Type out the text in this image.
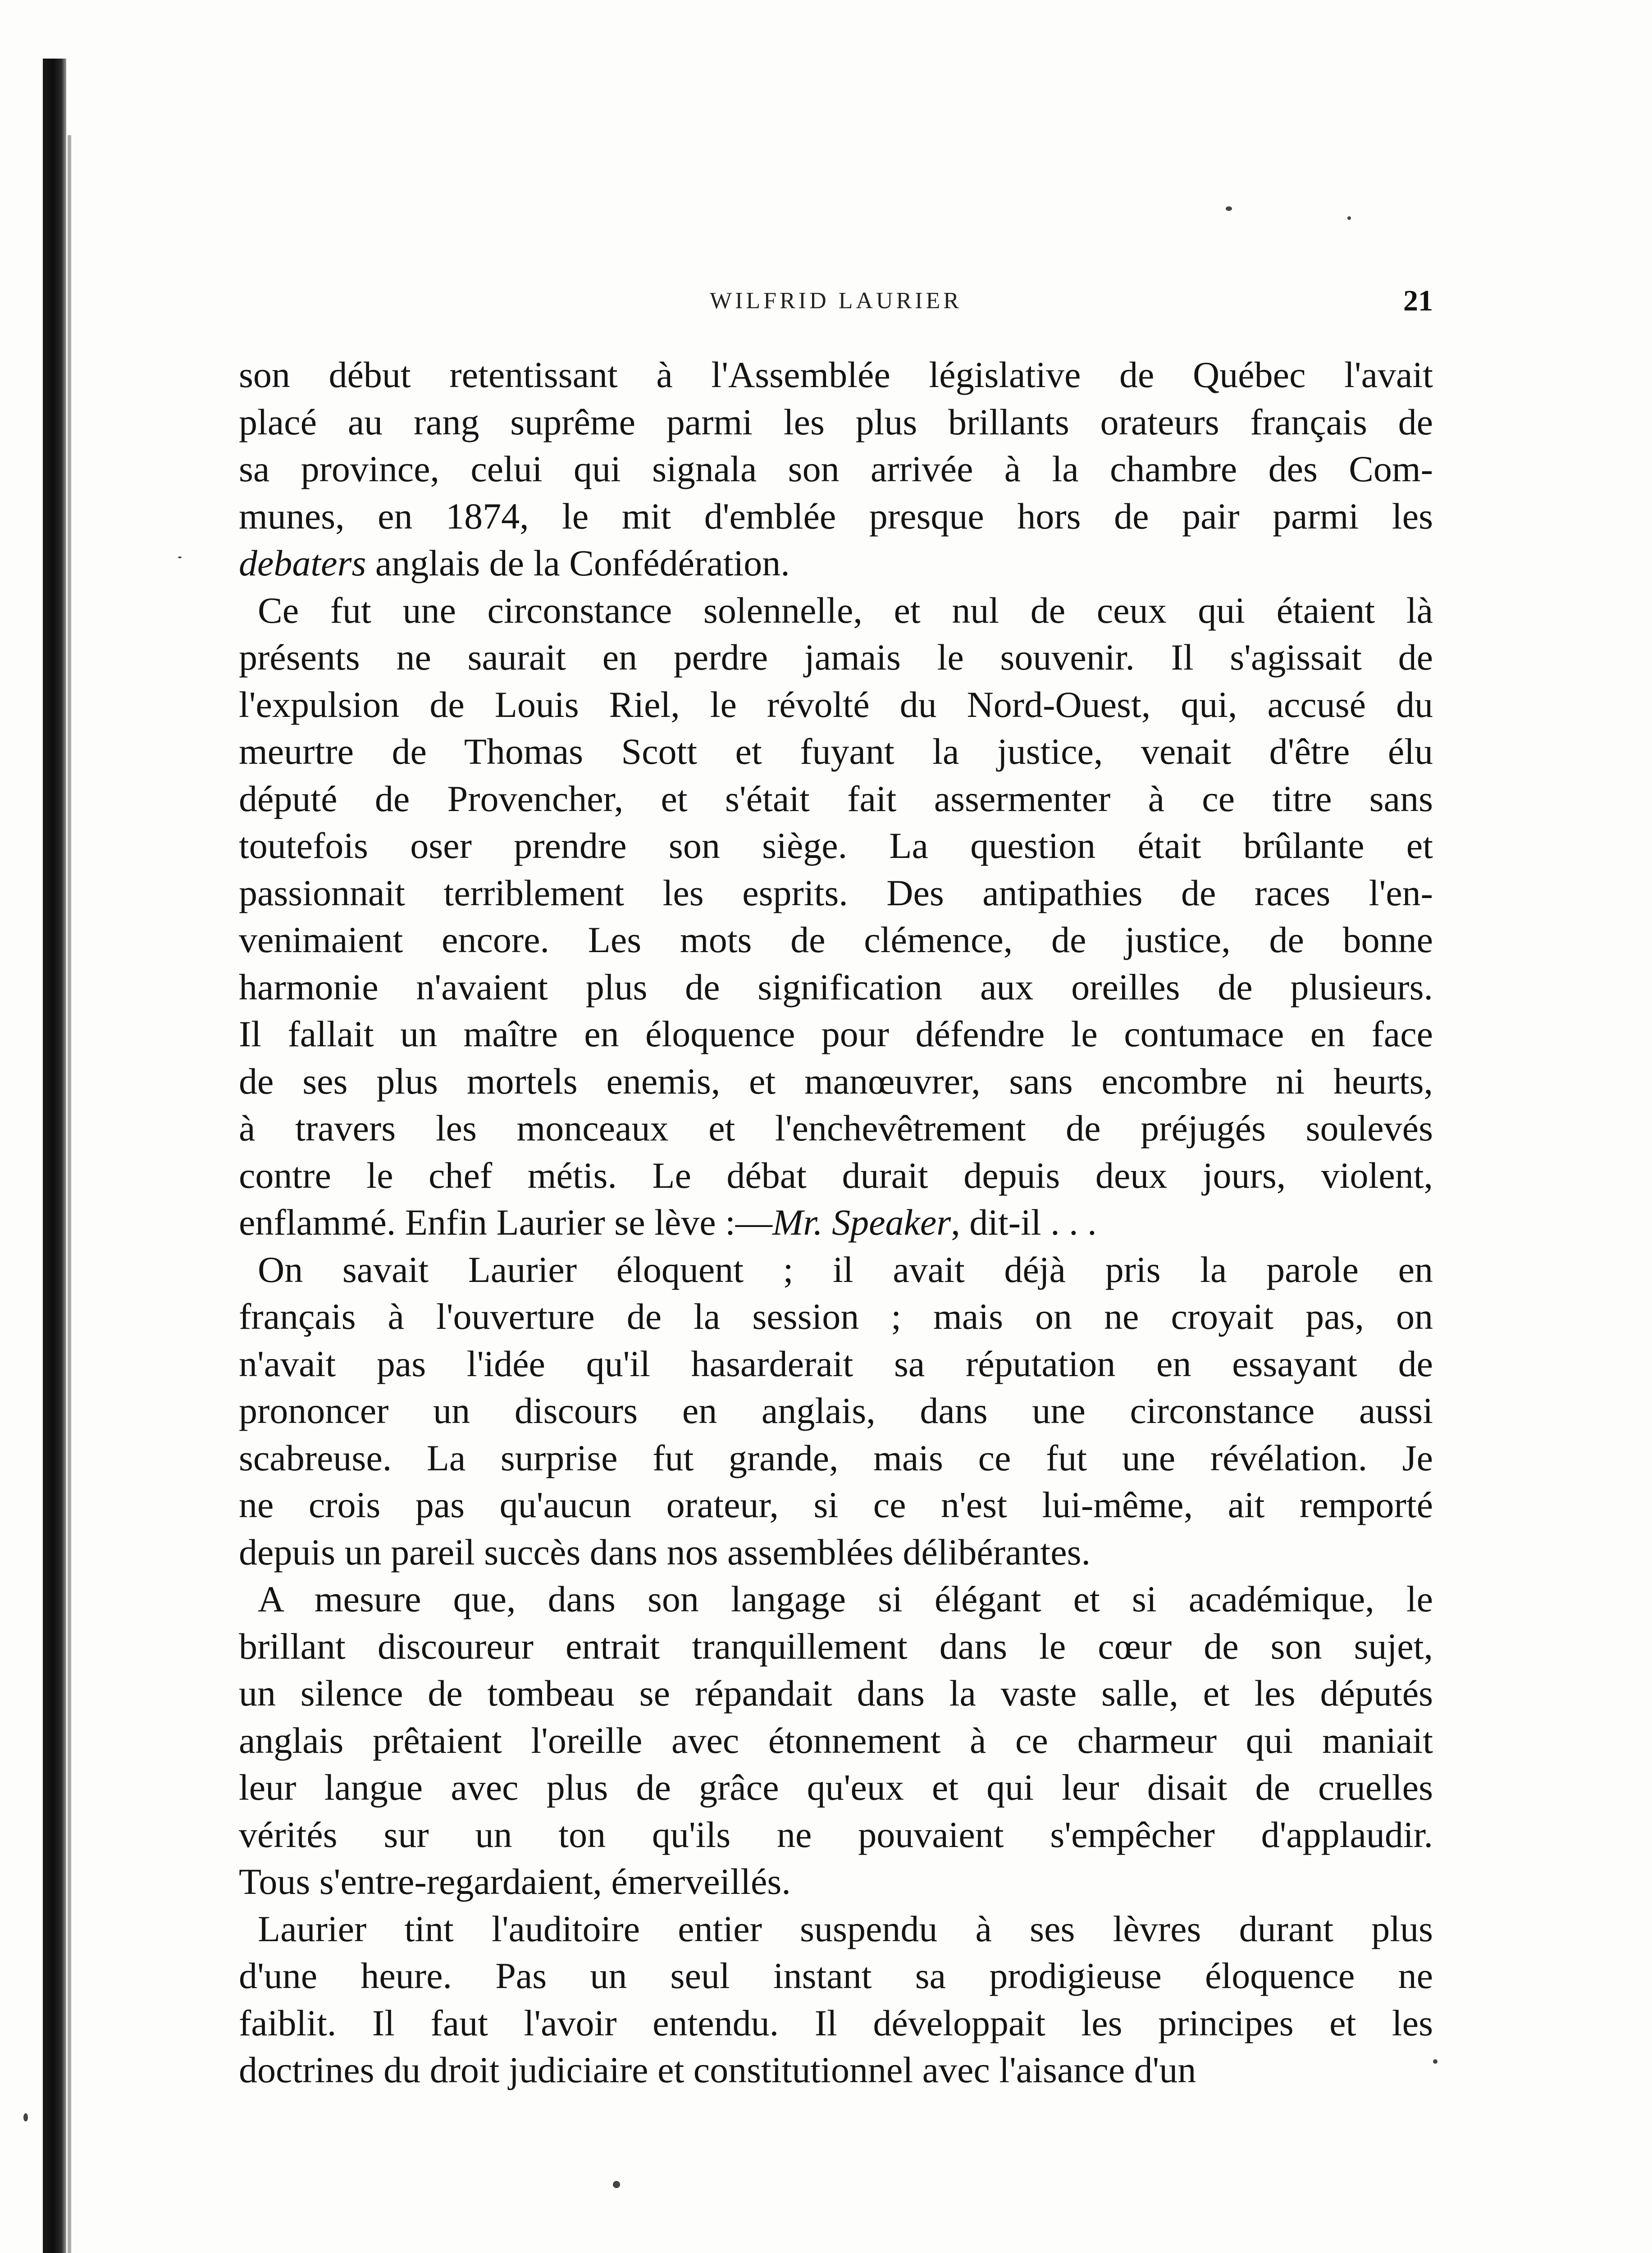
WILFRID LAURIER	21
son début retentissant à l'Assemblée législative de Québec l'avait
placé au rang suprême parmi les plus brillants orateurs français de
sa province, celui qui signala son arrivée à la chambre des Com-
munes, en 1874, le mit d'emblée presque hors de pair parmi les
debaters anglais de la Confédération.
Ce fut une circonstance solennelle, et nul de ceux qui étaient là
présents ne saurait en perdre jamais le souvenir. Il s'agissait de
l'expulsion de Louis Riel, le révolté du Nord-Ouest, qui, accusé du
meurtre de Thomas Scott et fuyant la justice, venait d'être élu
député de Provencher, et s'était fait assermenter à ce titre sans
toutefois oser prendre son siège. La question était brûlante et
passionnait terriblement les esprits. Des antipathies de races l'en-
venimaient encore. Les mots de clémence, de justice, de bonne
harmonie n'avaient plus de signification aux oreilles de plusieurs.
Il fallait un maître en éloquence pour défendre le contumace en face
de ses plus mortels enemis, et manœuvrer, sans encombre ni heurts,
à travers les monceaux et l'enchevêtrement de préjugés soulevés
contre le chef métis. Le débat durait depuis deux jours, violent,
enflammé. Enfin Laurier se lève :—Mr. Speaker, dit-il . . .
On savait Laurier éloquent ; il avait déjà pris la parole en
français à l'ouverture de la session ; mais on ne croyait pas, on
n'avait pas l'idée qu'il hasarderait sa réputation en essayant de
prononcer un discours en anglais, dans une circonstance aussi
scabreuse. La surprise fut grande, mais ce fut une révélation. Je
ne crois pas qu'aucun orateur, si ce n'est lui-même, ait remporté
depuis un pareil succès dans nos assemblées délibérantes.
A mesure que, dans son langage si élégant et si académique, le
brillant discoureur entrait tranquillement dans le cœur de son sujet,
un silence de tombeau se répandait dans la vaste salle, et les députés
anglais prêtaient l'oreille avec étonnement à ce charmeur qui maniait
leur langue avec plus de grâce qu'eux et qui leur disait de cruelles
vérités sur un ton qu'ils ne pouvaient s'empêcher d'applaudir.
Tous s'entre-regardaient, émerveillés.
Laurier tint l'auditoire entier suspendu à ses lèvres durant plus
d'une heure. Pas un seul instant sa prodigieuse éloquence ne
faiblit. Il faut l'avoir entendu. Il développait les principes et les
doctrines du droit judiciaire et constitutionnel avec l'aisance d'un
